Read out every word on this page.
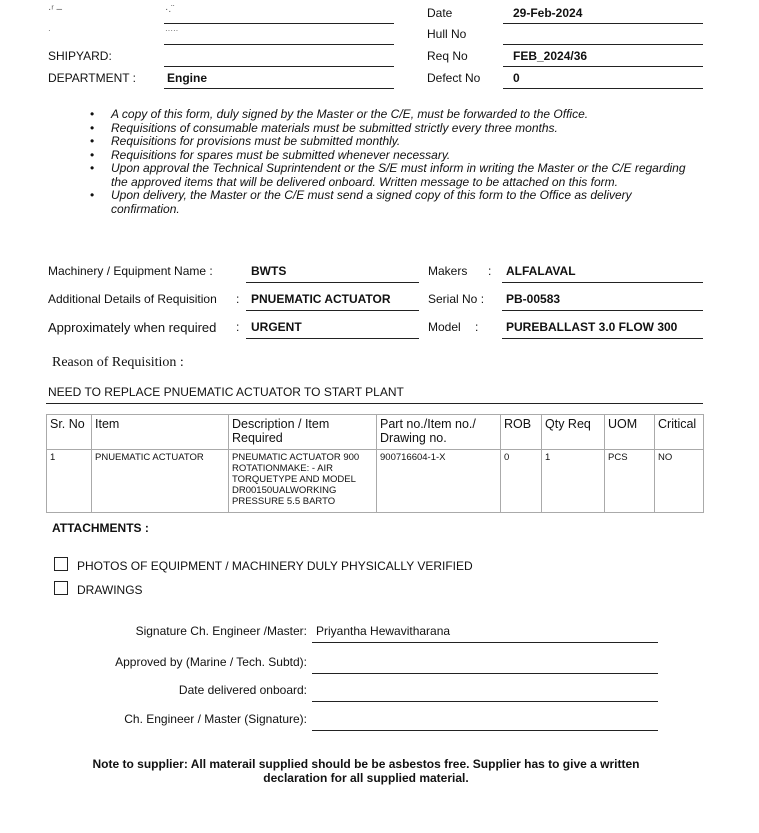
·ʳ –	·.¨
·	·····
SHIPYARD:
DEPARTMENT :	Engine
Date	29-Feb-2024
Hull No
Req No	FEB_2024/36
Defect No	0
• A copy of this form, duly signed by the Master or the C/E, must be forwarded to the Office.
• Requisitions of consumable materials must be submitted strictly every three months.
• Requisitions for provisions must be submitted monthly.
• Requisitions for spares must be submitted whenever necessary.
• Upon approval the Technical Suprintendent or the S/E must inform in writing the Master or the C/E regarding the approved items that will be delivered onboard. Written message to be attached on this form.
• Upon delivery, the Master or the C/E must send a signed copy of this form to the Office as delivery confirmation.
Machinery / Equipment Name :	BWTS	Makers : ALFALAVAL
Additional Details of Requisition : PNUEMATIC ACTUATOR	Serial No : PB-00583
Approximately when required : URGENT	Model : PUREBALLAST 3.0 FLOW 300
Reason of Requisition :
NEED TO REPLACE PNUEMATIC ACTUATOR TO START PLANT
Sr. No	Item	Description / Item Required	Part no./Item no./ Drawing no.	ROB	Qty Req	UOM	Critical
1	PNUEMATIC ACTUATOR	PNEUMATIC ACTUATOR 900 ROTATIONMAKE: - AIR TORQUETYPE AND MODEL DR00150UALWORKING PRESSURE 5.5 BARTO	900716604-1-X	0	1	PCS	NO
ATTACHMENTS :
PHOTOS OF EQUIPMENT / MACHINERY DULY PHYSICALLY VERIFIED
DRAWINGS
Signature Ch. Engineer /Master: Priyantha Hewavitharana
Approved by (Marine / Tech. Subtd):
Date delivered onboard:
Ch. Engineer / Master (Signature):
Note to supplier: All materail supplied should be be asbestos free. Supplier has to give a written
declaration for all supplied material.
